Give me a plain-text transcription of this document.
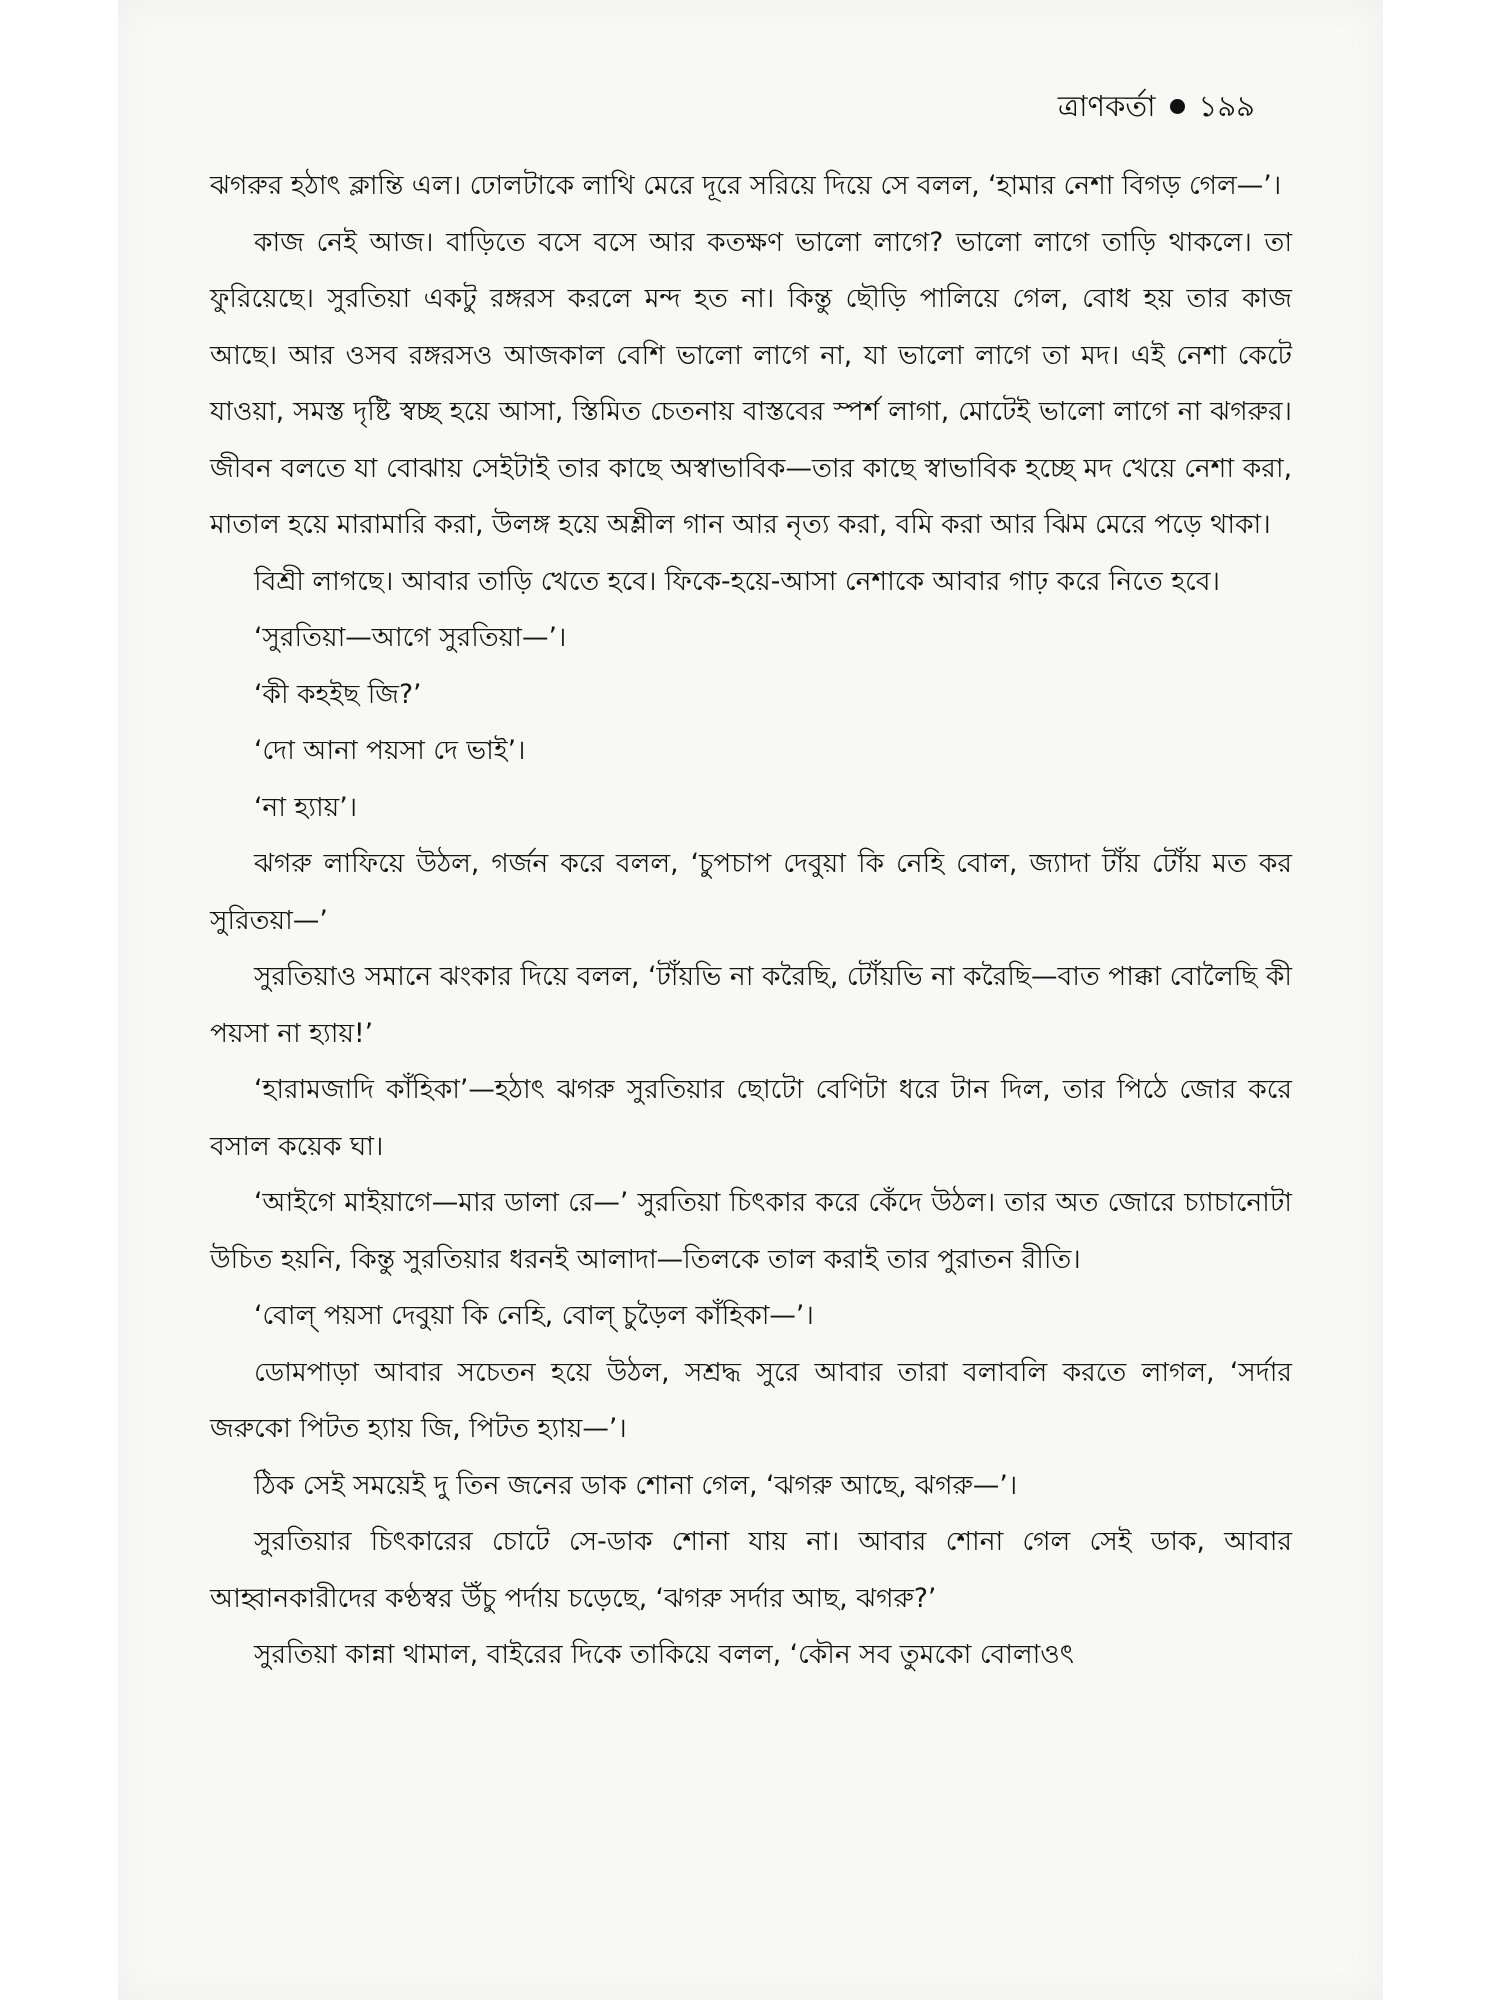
ত্রাণকর্তা ১৯৯

ঝগরুর হঠাৎ ক্লান্তি এল। ঢোলটাকে লাথি মেরে দূরে সরিয়ে দিয়ে সে বলল, ‘হামার নেশা বিগড় গেল—’।

কাজ নেই আজ। বাড়িতে বসে বসে আর কতক্ষণ ভালো লাগে? ভালো লাগে তাড়ি থাকলে। তা ফুরিয়েছে। সুরতিয়া একটু রঙ্গরস করলে মন্দ হত না। কিন্তু ছৌড়ি পালিয়ে গেল, বোধ হয় তার কাজ আছে। আর ওসব রঙ্গরসও আজকাল বেশি ভালো লাগে না, যা ভালো লাগে তা মদ। এই নেশা কেটে যাওয়া, সমস্ত দৃষ্টি স্বচ্ছ হয়ে আসা, স্তিমিত চেতনায় বাস্তবের স্পর্শ লাগা, মোটেই ভালো লাগে না ঝগরুর। জীবন বলতে যা বোঝায় সেইটাই তার কাছে অস্বাভাবিক—তার কাছে স্বাভাবিক হচ্ছে মদ খেয়ে নেশা করা, মাতাল হয়ে মারামারি করা, উলঙ্গ হয়ে অশ্লীল গান আর নৃত্য করা, বমি করা আর ঝিম মেরে পড়ে থাকা।

বিশ্রী লাগছে। আবার তাড়ি খেতে হবে। ফিকে-হয়ে-আসা নেশাকে আবার গাঢ় করে নিতে হবে।

‘সুরতিয়া—আগে সুরতিয়া—’।

‘কী কহইছ জি?’

‘দো আনা পয়সা দে ভাই’।

‘না হ্যায়’।

ঝগরু লাফিয়ে উঠল, গর্জন করে বলল, ‘চুপচাপ দেবুয়া কি নেহি বোল, জ্যাদা টাঁয় টোঁয় মত কর সুরিতয়া—’

সুরতিয়াও সমানে ঝংকার দিয়ে বলল, ‘টাঁয়ভি না করৈছি, টোঁয়ভি না করৈছি—বাত পাক্কা বোলৈছি কী পয়সা না হ্যায়!’

‘হারামজাদি কাঁহিকা’—হঠাৎ ঝগরু সুরতিয়ার ছোটো বেণিটা ধরে টান দিল, তার পিঠে জোর করে বসাল কয়েক ঘা।

‘আইগে মাইয়াগে—মার ডালা রে—’ সুরতিয়া চিৎকার করে কেঁদে উঠল। তার অত জোরে চ্যাচানোটা উচিত হয়নি, কিন্তু সুরতিয়ার ধরনই আলাদা—তিলকে তাল করাই তার পুরাতন রীতি।

‘বোল্ পয়সা দেবুয়া কি নেহি, বোল্ চুড়ৈল কাঁহিকা—’।

ডোমপাড়া আবার সচেতন হয়ে উঠল, সশ্রদ্ধ সুরে আবার তারা বলাবলি করতে লাগল, ‘সর্দার জরুকো পিটত হ্যায় জি, পিটত হ্যায়—’।

ঠিক সেই সময়েই দু তিন জনের ডাক শোনা গেল, ‘ঝগরু আছে, ঝগরু—’।

সুরতিয়ার চিৎকারের চোটে সে-ডাক শোনা যায় না। আবার শোনা গেল সেই ডাক, আবার আহ্বানকারীদের কণ্ঠস্বর উঁচু পর্দায় চড়েছে, ‘ঝগরু সর্দার আছ, ঝগরু?’

সুরতিয়া কান্না থামাল, বাইরের দিকে তাকিয়ে বলল, ‘কৌন সব তুমকো বোলাওৎ
